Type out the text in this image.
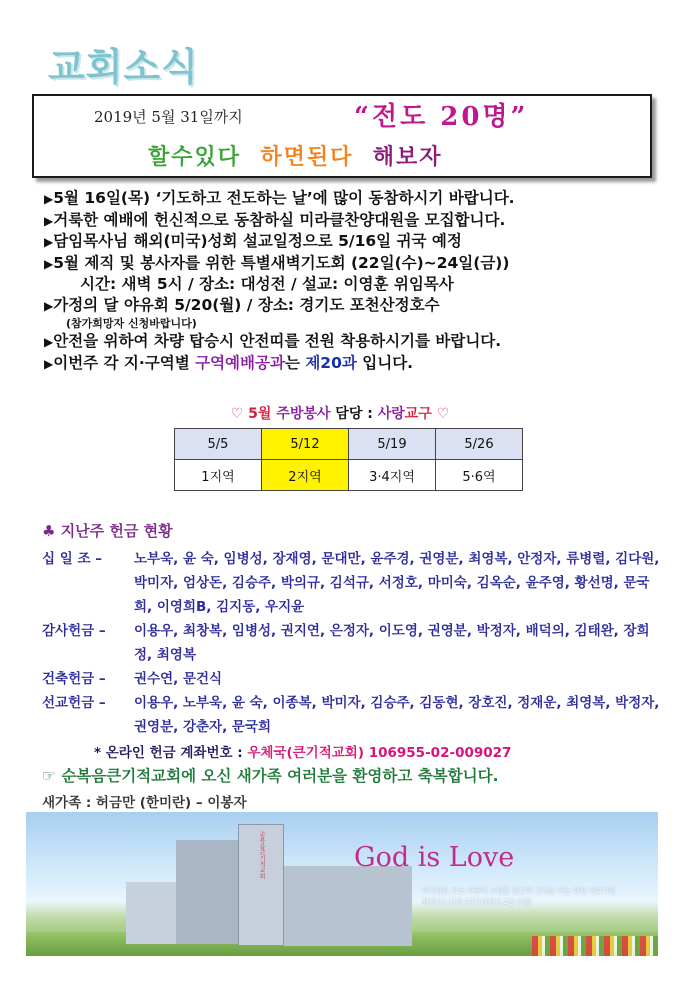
교회소식
2019년 5월 31일까지	“전도 20명”
할수있다 하면된다 해보자
▶5월 16일(목) ‘기도하고 전도하는 날’에 많이 동참하시기 바랍니다.
▶거룩한 예배에 헌신적으로 동참하실 미라클찬양대원을 모집합니다.
▶담임목사님 해외(미국)성회 설교일정으로 5/16일 귀국 예정
▶5월 제직 및 봉사자를 위한 특별새벽기도회 (22일(수)~24일(금))
시간: 새벽 5시 / 장소: 대성전 / 설교: 이영훈 위임목사
▶가정의 달 야유회 5/20(월) / 장소: 경기도 포천산정호수
(참가희망자 신청바랍니다)
▶안전을 위하여 차량 탑승시 안전띠를 전원 착용하시기를 바랍니다.
▶이번주 각 지·구역별 구역예배공과는 제20과 입니다.
♡ 5월 주방봉사 담당 : 사랑교구 ♡
5/5	5/12	5/19	5/26
1지역	2지역	3·4지역	5·6역
♣ 지난주 헌금 현황
십 일 조 –	노부욱, 윤 숙, 임병성, 장재영, 문대만, 윤주경, 권영분, 최영복, 안정자, 류병렬, 김다원, 박미자, 엄상돈, 김승주, 박의규, 김석규, 서정호, 마미숙, 김옥순, 윤주영, 황선명, 문국희, 이영희B, 김지동, 우지윤
감사헌금 –	이용우, 최창복, 임병성, 권지연, 은정자, 이도영, 권영분, 박정자, 배덕의, 김태완, 장희정, 최영복
건축헌금 –	권수연, 문건식
선교헌금 –	이용우, 노부욱, 윤 숙, 이종복, 박미자, 김승주, 김동현, 장호진, 정재운, 최영복, 박정자, 권영분, 강춘자, 문국희
* 온라인 헌금 계좌번호 : 우체국(큰기적교회) 106955-02-009027
☞ 순복음큰기적교회에 오신 새가족 여러분을 환영하고 축복합니다.
새가족 : 허금만 (한미란) – 이봉자
순복음큰기적교회	God is Love
하나님은 모든 사람이 구원을 받으며 진리를 아는 데에 이르기를 원하시느니라 (디모데전서 2장 4절)
